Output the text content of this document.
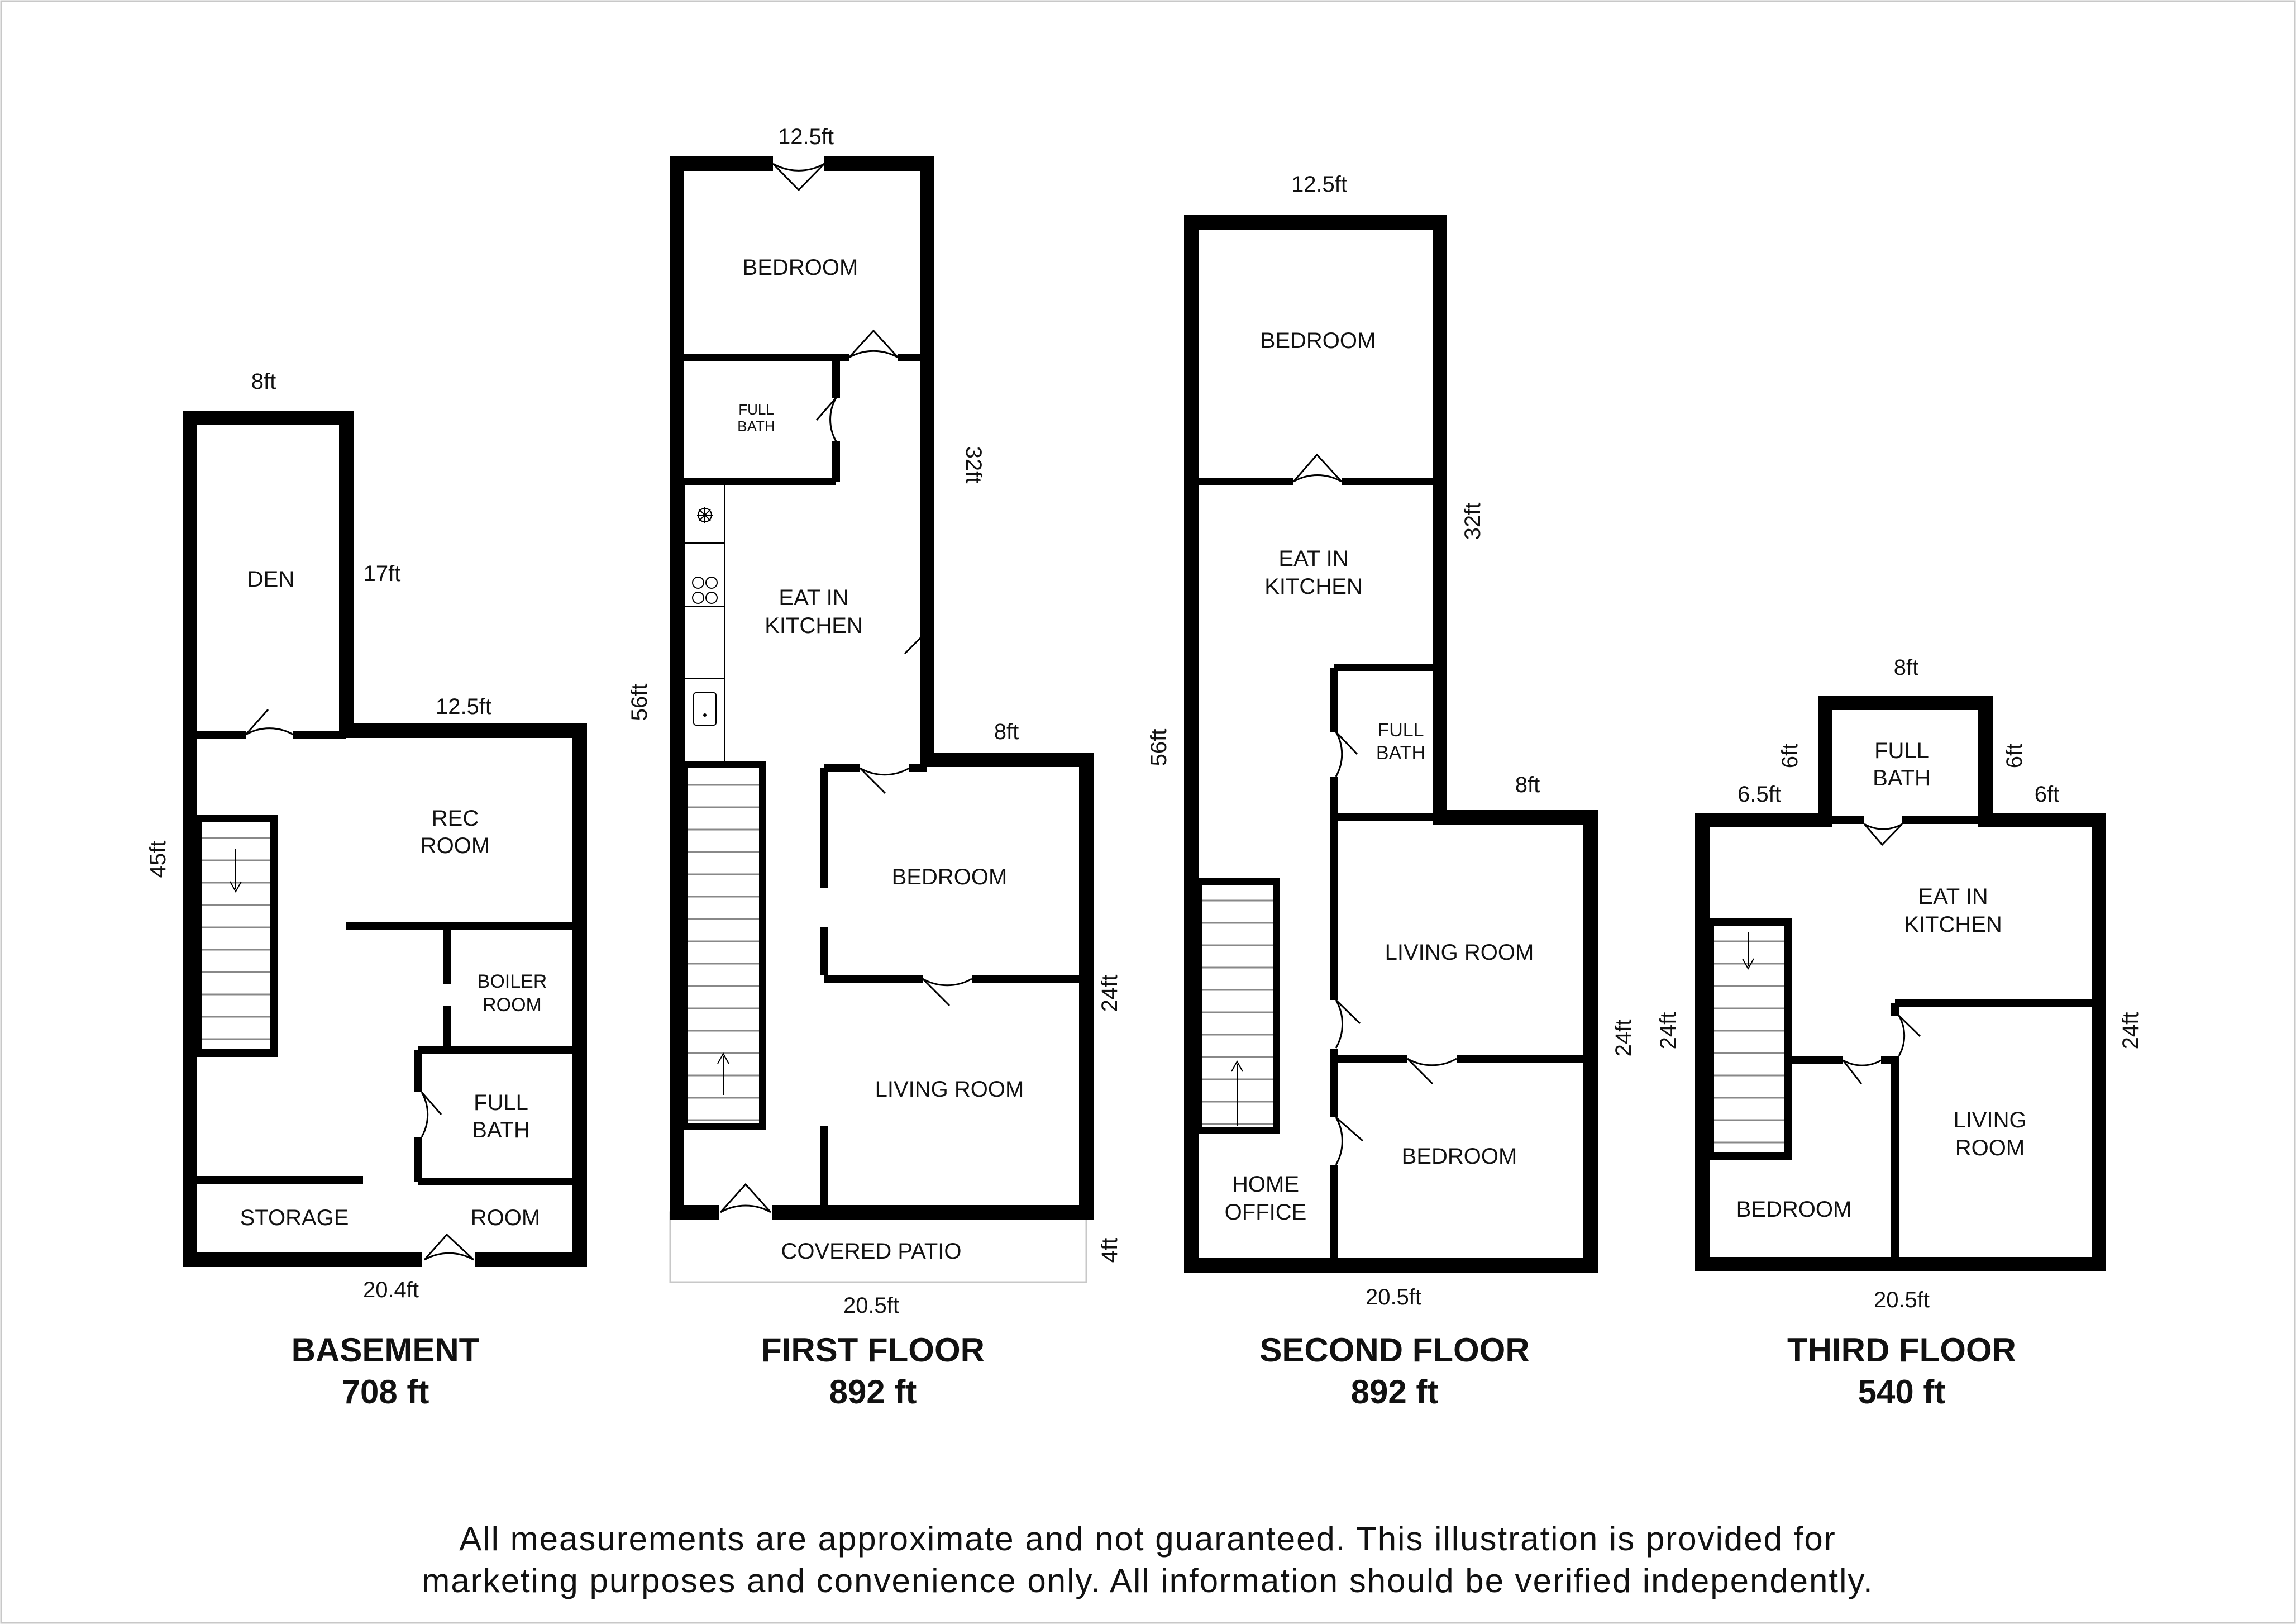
DEN
REC
ROOM
BOILER
ROOM
FULL
BATH
STORAGE	ROOM
8ft
17ft
12.5ft
45ft
20.4ft
BEDROOM
FULL
BATH
EAT IN
KITCHEN
BEDROOM
LIVING ROOM
COVERED PATIO
12.5ft
32ft
56ft
8ft
24ft
4ft
20.5ft
BEDROOM
EAT IN
KITCHEN
FULL
BATH
LIVING ROOM
BEDROOM
HOME
OFFICE
12.5ft
32ft
56ft
8ft
24ft
20.5ft
FULL
BATH
EAT IN
KITCHEN
LIVING
ROOM
BEDROOM
8ft
6ft	6ft
6.5ft	6ft
24ft	24ft
20.5ft
BASEMENT
708 ft
FIRST FLOOR
892 ft
SECOND FLOOR
892 ft
THIRD FLOOR
540 ft
All measurements are approximate and not guaranteed. This illustration is provided for
marketing purposes and convenience only. All information should be verified independently.
